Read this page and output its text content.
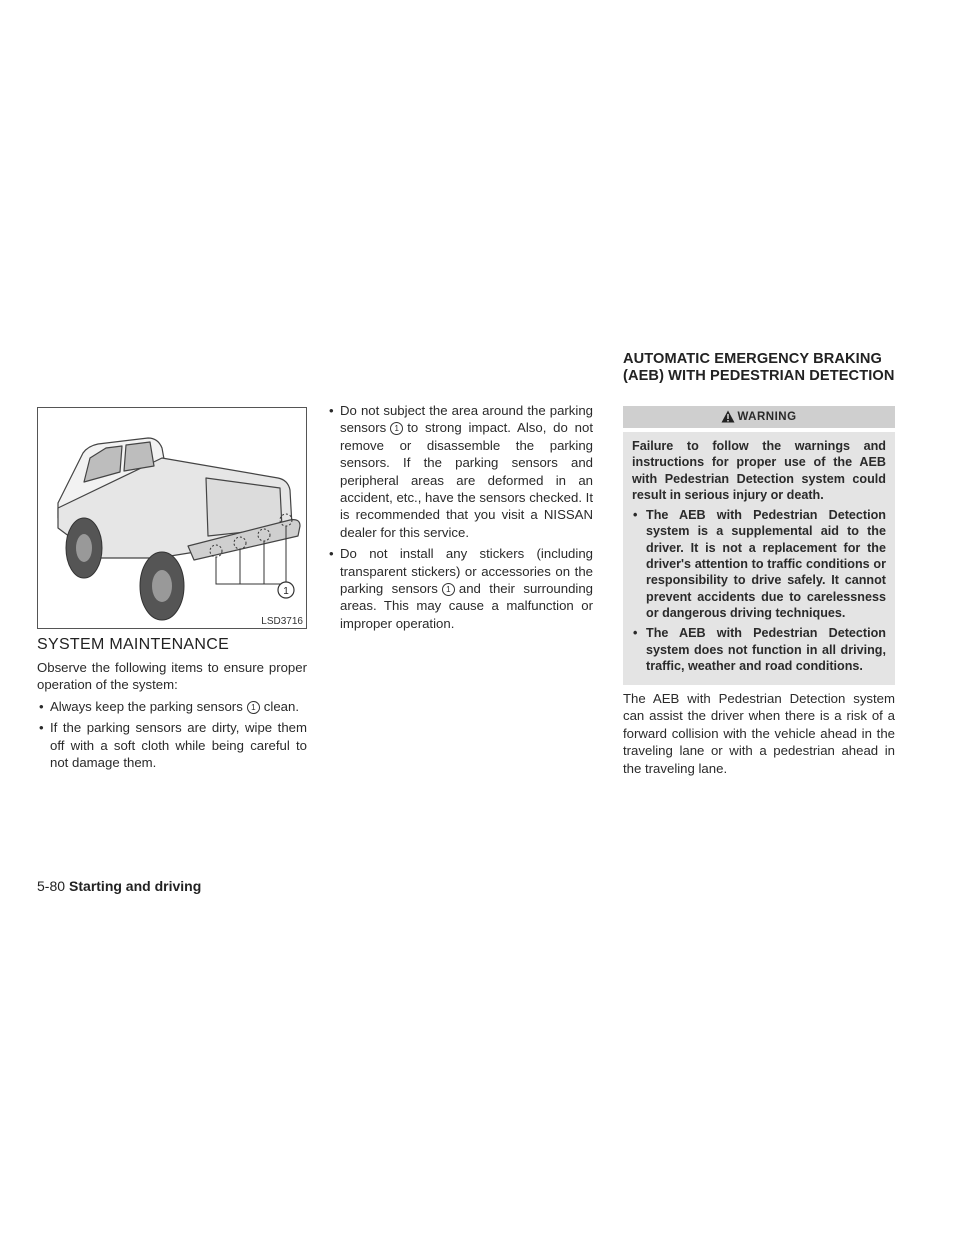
1
LSD3716
SYSTEM MAINTENANCE

Observe the following items to ensure proper operation of the system:

• Always keep the parking sensors 1 clean.
• If the parking sensors are dirty, wipe them off with a soft cloth while being careful to not damage them.
• Do not subject the area around the parking sensors 1 to strong impact. Also, do not remove or disassemble the parking sensors. If the parking sensors and peripheral areas are deformed in an accident, etc., have the sensors checked. It is recommended that you visit a NISSAN dealer for this service.
• Do not install any stickers (including transparent stickers) or accessories on the parking sensors 1 and their surrounding areas. This may cause a malfunction or improper operation.
AUTOMATIC EMERGENCY BRAKING
(AEB) WITH PEDESTRIAN DETECTION
WARNING

Failure to follow the warnings and instructions for proper use of the AEB with Pedestrian Detection system could result in serious injury or death.

• The AEB with Pedestrian Detection system is a supplemental aid to the driver. It is not a replacement for the driver's attention to traffic conditions or responsibility to drive safely. It cannot prevent accidents due to carelessness or dangerous driving techniques.
• The AEB with Pedestrian Detection system does not function in all driving, traffic, weather and road conditions.

The AEB with Pedestrian Detection system can assist the driver when there is a risk of a forward collision with the vehicle ahead in the traveling lane or with a pedestrian ahead in the traveling lane.

5-80 Starting and driving
